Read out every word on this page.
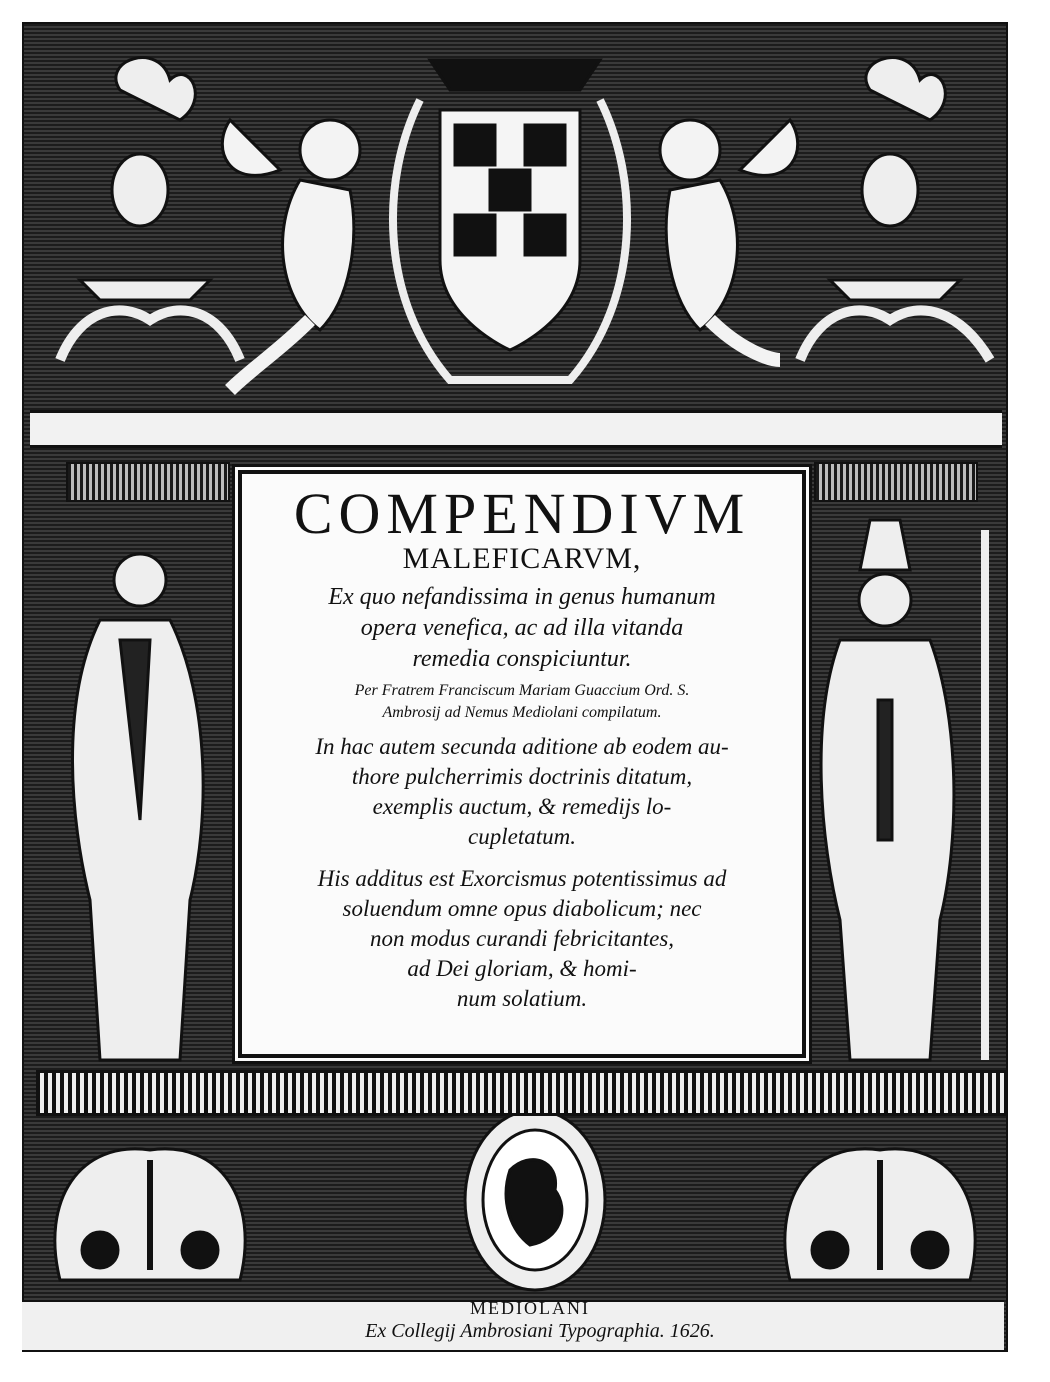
COMPENDIVM
MALEFICARVM,
Ex quo nefandissima in genus humanum
opera venefica, ac ad illa vitanda
remedia conspiciuntur.
Per Fratrem Franciscum Mariam Guaccium Ord. S.
Ambrosij ad Nemus Mediolani compilatum.
In hac autem secunda aditione ab eodem au-
thore pulcherrimis doctrinis ditatum,
exemplis auctum, & remedijs lo-
cupletatum.
His additus est Exorcismus potentissimus ad
soluendum omne opus diabolicum; nec
non modus curandi febricitantes,
ad Dei gloriam, & homi-
num solatium.
MEDIOLANI
Ex Collegij Ambrosiani Typographia. 1626.
